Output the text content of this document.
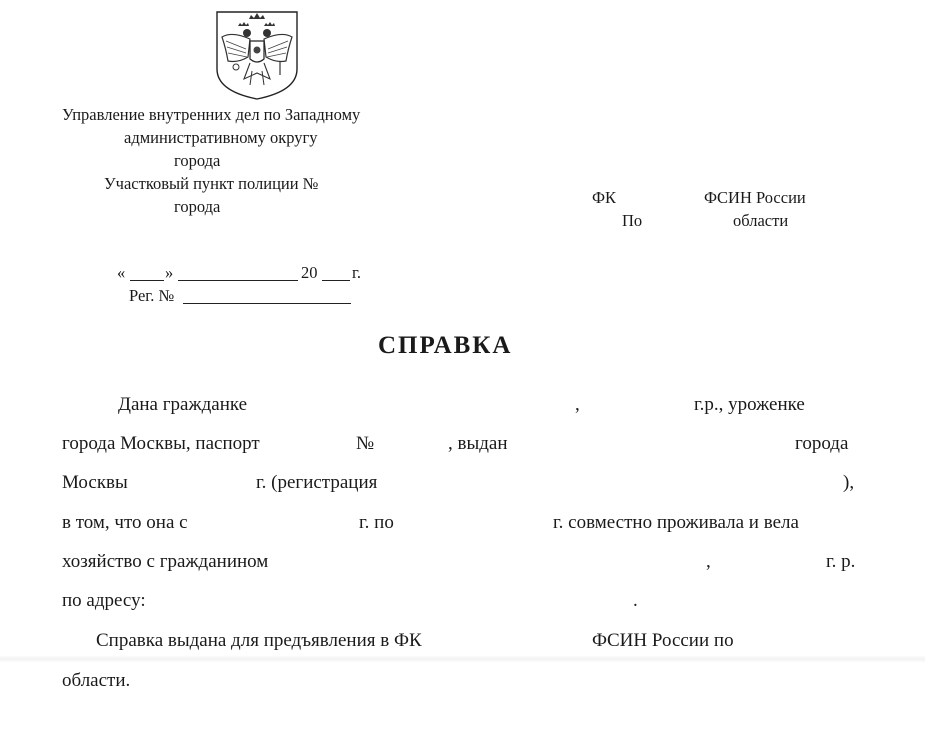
Управление внутренних дел по Западному
административному округу
города
Участковый пункт полиции №
города	ФК	ФСИН России
По	области
« »	20 г.
Рег. №
СПРАВКА
Дана гражданке	,	г.р., уроженке
города Москвы, паспорт	№	, выдан	города
Москвы	г. (регистрация	),
в том, что она с	г. по	г. совместно проживала и вела
хозяйство с гражданином	,	г. р.
по адресу:	.
Справка выдана для предъявления в ФК	ФСИН России по
области.
